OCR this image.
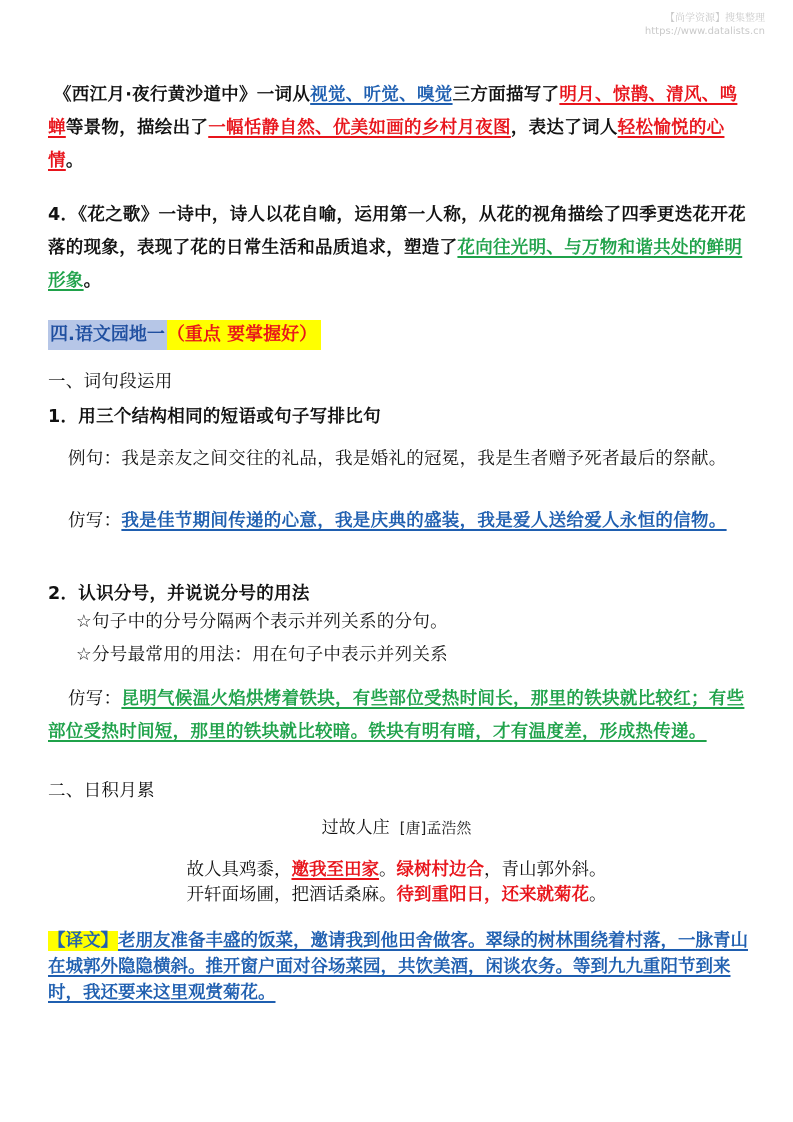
【尚学资源】搜集整理
https://www.datalists.cn
《西江月·夜行黄沙道中》一词从视觉、听觉、嗅觉三方面描写了明月、惊鹊、清风、鸣蝉等景物，描绘出了一幅恬静自然、优美如画的乡村月夜图，表达了词人轻松愉悦的心情。
4．《花之歌》一诗中，诗人以花自喻，运用第一人称，从花的视角描绘了四季更迭花开花落的现象，表现了花的日常生活和品质追求，塑造了花向往光明、与万物和谐共处的鲜明形象。
四.语文园地一 （重点 要掌握好）
一、词句段运用
1．用三个结构相同的短语或句子写排比句
例句：我是亲友之间交往的礼品，我是婚礼的冠冕，我是生者赠予死者最后的祭献。
仿写：我是佳节期间传递的心意，我是庆典的盛装，我是爱人送给爱人永恒的信物。
2．认识分号，并说说分号的用法
☆句子中的分号分隔两个表示并列关系的分句。
☆分号最常用的用法：用在句子中表示并列关系
仿写：昆明气候温火焰烘烤着铁块，有些部位受热时间长，那里的铁块就比较红；有些部位受热时间短，那里的铁块就比较暗。铁块有明有暗，才有温度差，形成热传递。
二、日积月累
过故人庄 [唐]孟浩然
故人具鸡黍，邀我至田家。绿树村边合，青山郭外斜。
开轩面场圃，把酒话桑麻。待到重阳日，还来就菊花。
【译文】老朋友准备丰盛的饭菜，邀请我到他田舍做客。翠绿的树林围绕着村落，一脉青山在城郭外隐隐横斜。推开窗户面对谷场菜园，共饮美酒，闲谈农务。等到九九重阳节到来时，我还要来这里观赏菊花。
